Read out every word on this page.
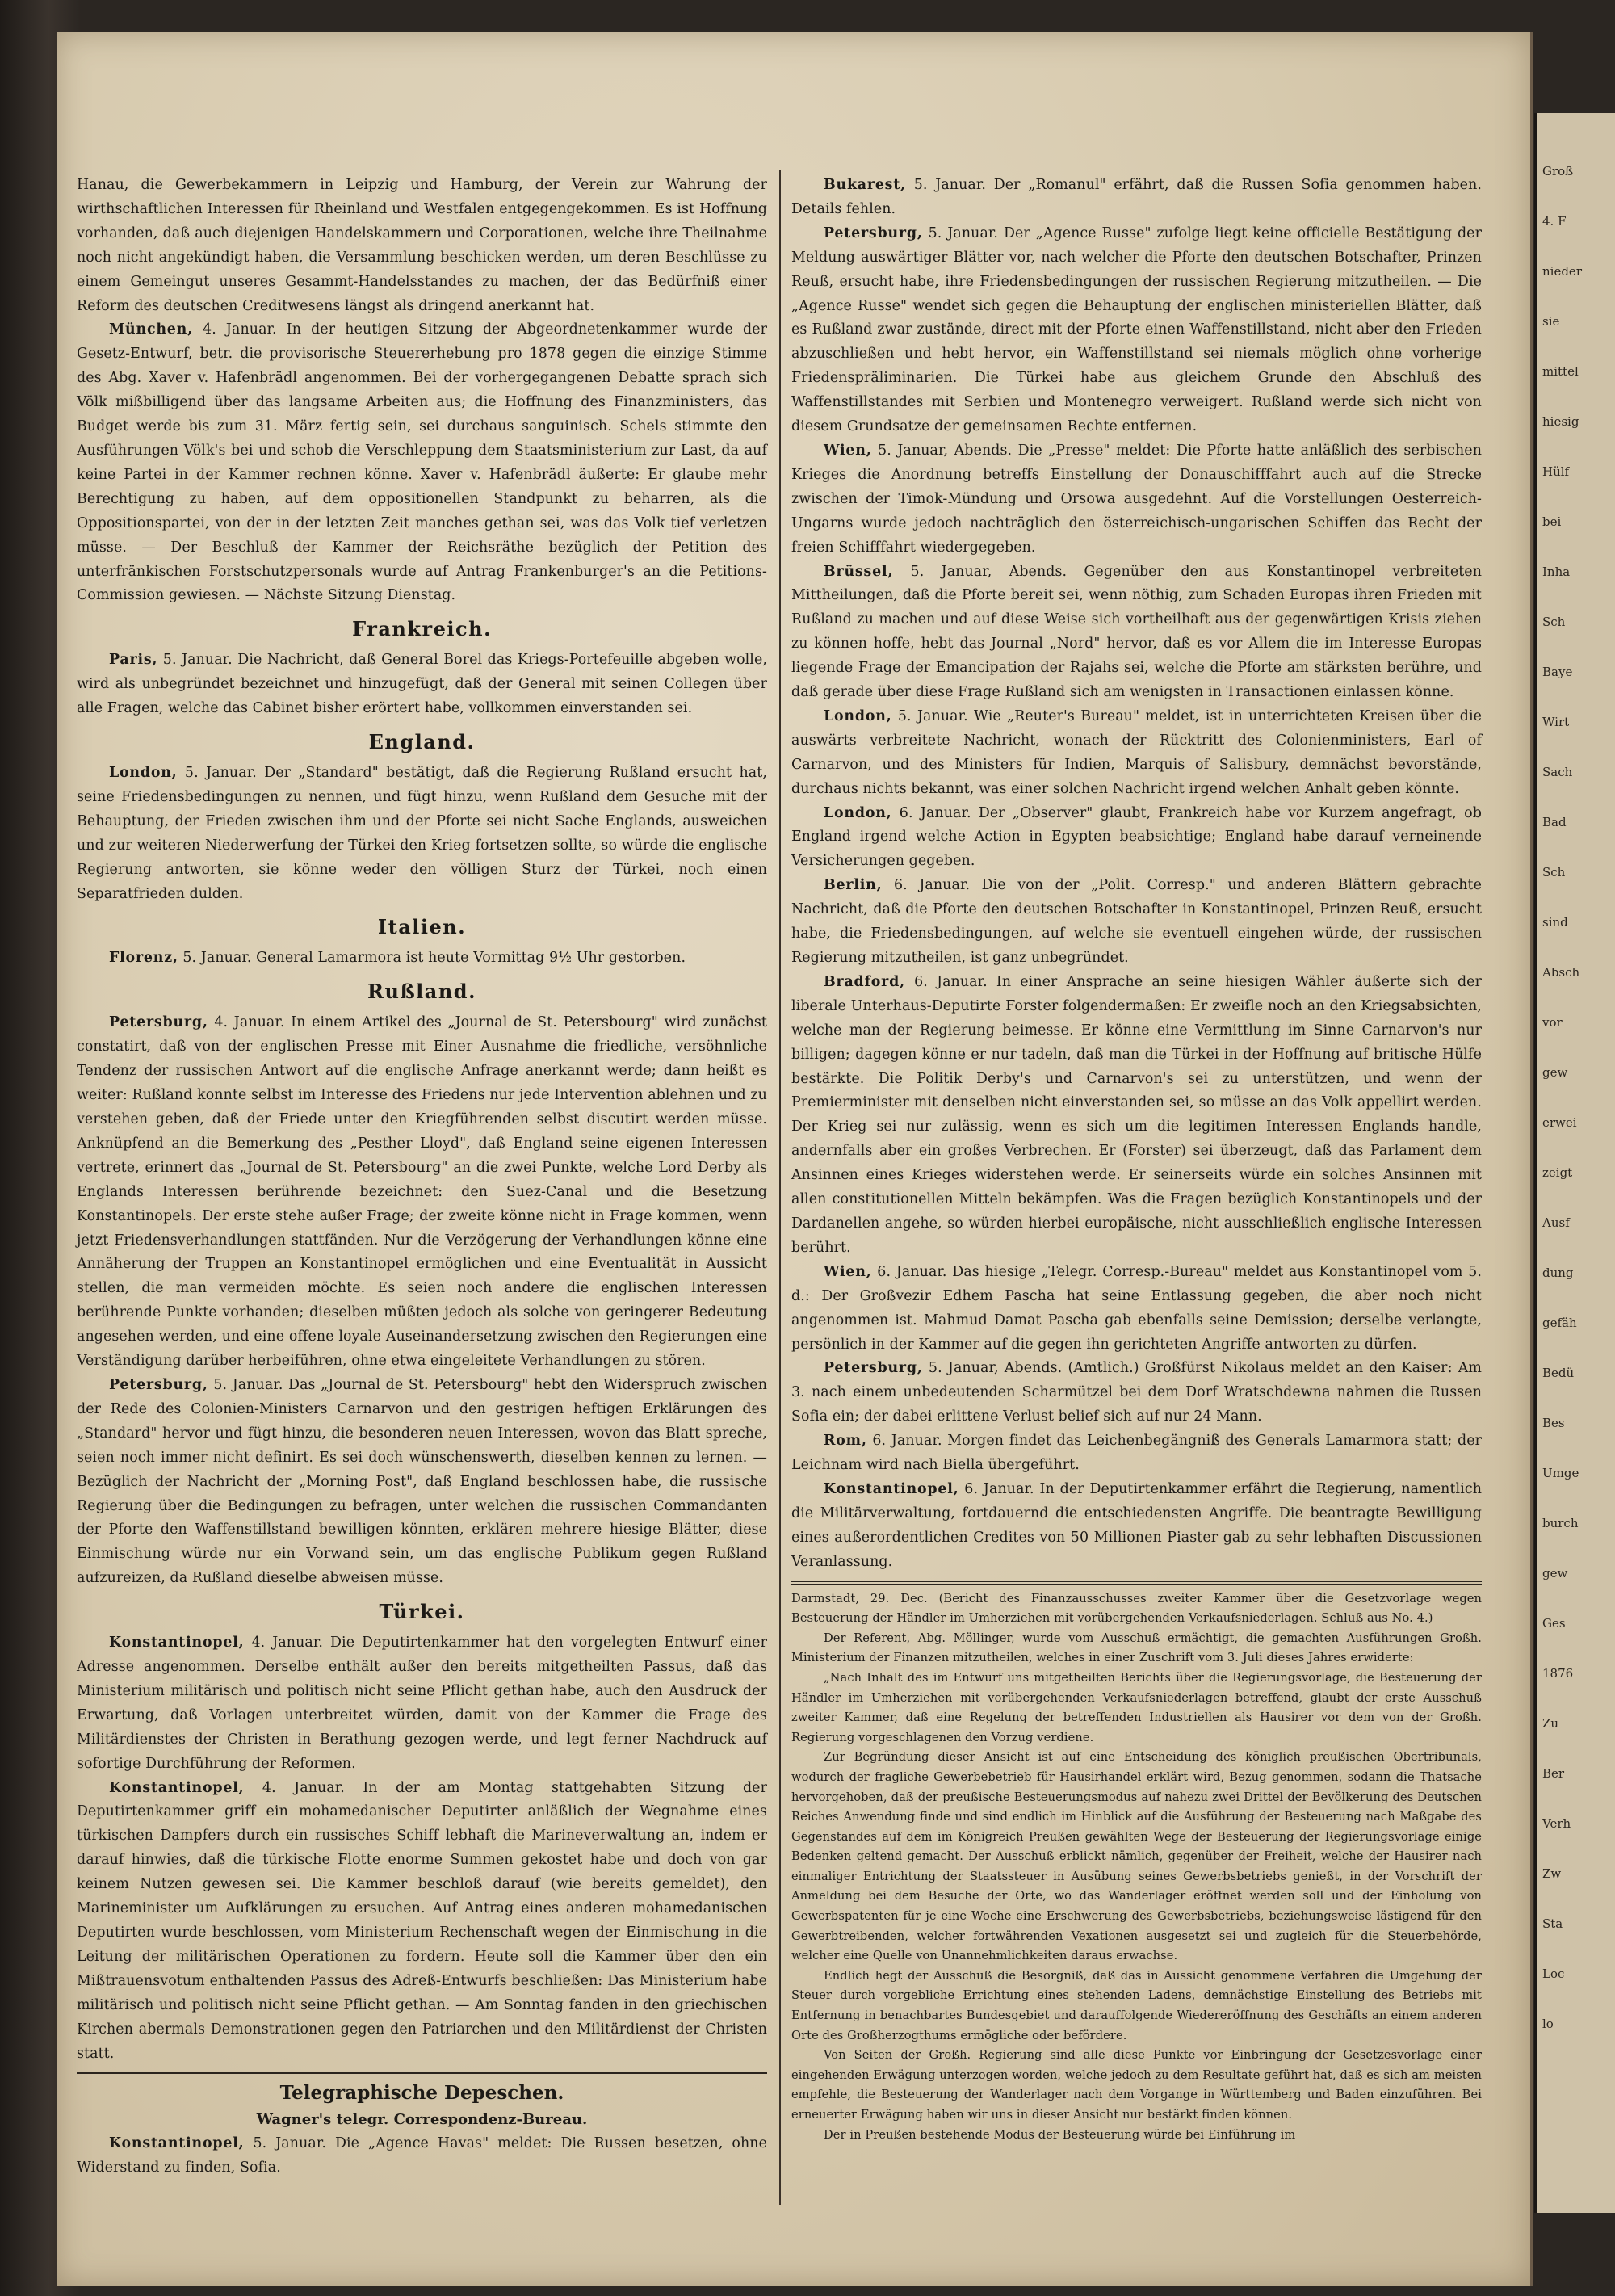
Hanau, die Gewerbekammern in Leipzig und Hamburg, der Verein zur Wahrung der wirthschaftlichen Interessen für Rheinland und Westfalen entgegengekommen. Es ist Hoffnung vorhanden, daß auch diejenigen Handelskammern und Corporationen, welche ihre Theilnahme noch nicht angekündigt haben, die Versammlung beschicken werden, um deren Beschlüsse zu einem Gemeingut unseres Gesammt-Handelsstandes zu machen, der das Bedürfniß einer Reform des deutschen Creditwesens längst als dringend anerkannt hat.

München, 4. Januar. In der heutigen Sitzung der Abgeordnetenkammer wurde der Gesetz-Entwurf, betr. die provisorische Steuererhebung pro 1878 gegen die einzige Stimme des Abg. Xaver v. Hafenbrädl angenommen. Bei der vorhergegangenen Debatte sprach sich Völk mißbilligend über das langsame Arbeiten aus; die Hoffnung des Finanzministers, das Budget werde bis zum 31. März fertig sein, sei durchaus sanguinisch. Schels stimmte den Ausführungen Völk's bei und schob die Verschleppung dem Staatsministerium zur Last, da auf keine Partei in der Kammer rechnen könne. Xaver v. Hafenbrädl äußerte: Er glaube mehr Berechtigung zu haben, auf dem oppositionellen Standpunkt zu beharren, als die Oppositionspartei, von der in der letzten Zeit manches gethan sei, was das Volk tief verletzen müsse. — Der Beschluß der Kammer der Reichsräthe bezüglich der Petition des unterfränkischen Forstschutzpersonals wurde auf Antrag Frankenburger's an die Petitions-Commission gewiesen. — Nächste Sitzung Dienstag.

Frankreich.

Paris, 5. Januar. Die Nachricht, daß General Borel das Kriegs-Portefeuille abgeben wolle, wird als unbegründet bezeichnet und hinzugefügt, daß der General mit seinen Collegen über alle Fragen, welche das Cabinet bisher erörtert habe, vollkommen einverstanden sei.

England.

London, 5. Januar. Der „Standard" bestätigt, daß die Regierung Rußland ersucht hat, seine Friedensbedingungen zu nennen, und fügt hinzu, wenn Rußland dem Gesuche mit der Behauptung, der Frieden zwischen ihm und der Pforte sei nicht Sache Englands, ausweichen und zur weiteren Niederwerfung der Türkei den Krieg fortsetzen sollte, so würde die englische Regierung antworten, sie könne weder den völligen Sturz der Türkei, noch einen Separatfrieden dulden.

Italien.

Florenz, 5. Januar. General Lamarmora ist heute Vormittag 9½ Uhr gestorben.

Rußland.

Petersburg, 4. Januar. In einem Artikel des „Journal de St. Petersbourg" wird zunächst constatirt, daß von der englischen Presse mit Einer Ausnahme die friedliche, versöhnliche Tendenz der russischen Antwort auf die englische Anfrage anerkannt werde; dann heißt es weiter: Rußland konnte selbst im Interesse des Friedens nur jede Intervention ablehnen und zu verstehen geben, daß der Friede unter den Kriegführenden selbst discutirt werden müsse. Anknüpfend an die Bemerkung des „Pesther Lloyd", daß England seine eigenen Interessen vertrete, erinnert das „Journal de St. Petersbourg" an die zwei Punkte, welche Lord Derby als Englands Interessen berührende bezeichnet: den Suez-Canal und die Besetzung Konstantinopels. Der erste stehe außer Frage; der zweite könne nicht in Frage kommen, wenn jetzt Friedensverhandlungen stattfänden. Nur die Verzögerung der Verhandlungen könne eine Annäherung der Truppen an Konstantinopel ermöglichen und eine Eventualität in Aussicht stellen, die man vermeiden möchte. Es seien noch andere die englischen Interessen berührende Punkte vorhanden; dieselben müßten jedoch als solche von geringerer Bedeutung angesehen werden, und eine offene loyale Auseinandersetzung zwischen den Regierungen eine Verständigung darüber herbeiführen, ohne etwa eingeleitete Verhandlungen zu stören.

Petersburg, 5. Januar. Das „Journal de St. Petersbourg" hebt den Widerspruch zwischen der Rede des Colonien-Ministers Carnarvon und den gestrigen heftigen Erklärungen des „Standard" hervor und fügt hinzu, die besonderen neuen Interessen, wovon das Blatt spreche, seien noch immer nicht definirt. Es sei doch wünschenswerth, dieselben kennen zu lernen. — Bezüglich der Nachricht der „Morning Post", daß England beschlossen habe, die russische Regierung über die Bedingungen zu befragen, unter welchen die russischen Commandanten der Pforte den Waffenstillstand bewilligen könnten, erklären mehrere hiesige Blätter, diese Einmischung würde nur ein Vorwand sein, um das englische Publikum gegen Rußland aufzureizen, da Rußland dieselbe abweisen müsse.

Türkei.

Konstantinopel, 4. Januar. Die Deputirtenkammer hat den vorgelegten Entwurf einer Adresse angenommen. Derselbe enthält außer den bereits mitgetheilten Passus, daß das Ministerium militärisch und politisch nicht seine Pflicht gethan habe, auch den Ausdruck der Erwartung, daß Vorlagen unterbreitet würden, damit von der Kammer die Frage des Militärdienstes der Christen in Berathung gezogen werde, und legt ferner Nachdruck auf sofortige Durchführung der Reformen.

Konstantinopel, 4. Januar. In der am Montag stattgehabten Sitzung der Deputirtenkammer griff ein mohamedanischer Deputirter anläßlich der Wegnahme eines türkischen Dampfers durch ein russisches Schiff lebhaft die Marineverwaltung an, indem er darauf hinwies, daß die türkische Flotte enorme Summen gekostet habe und doch von gar keinem Nutzen gewesen sei. Die Kammer beschloß darauf (wie bereits gemeldet), den Marineminister um Aufklärungen zu ersuchen. Auf Antrag eines anderen mohamedanischen Deputirten wurde beschlossen, vom Ministerium Rechenschaft wegen der Einmischung in die Leitung der militärischen Operationen zu fordern. Heute soll die Kammer über den ein Mißtrauensvotum enthaltenden Passus des Adreß-Entwurfs beschließen: Das Ministerium habe militärisch und politisch nicht seine Pflicht gethan. — Am Sonntag fanden in den griechischen Kirchen abermals Demonstrationen gegen den Patriarchen und den Militärdienst der Christen statt.

Telegraphische Depeschen.
Wagner's telegr. Correspondenz-Bureau.

Konstantinopel, 5. Januar. Die „Agence Havas" meldet: Die Russen besetzen, ohne Widerstand zu finden, Sofia.

Bukarest, 5. Januar. Der „Romanul" erfährt, daß die Russen Sofia genommen haben. Details fehlen.

Petersburg, 5. Januar. Der „Agence Russe" zufolge liegt keine officielle Bestätigung der Meldung auswärtiger Blätter vor, nach welcher die Pforte den deutschen Botschafter, Prinzen Reuß, ersucht habe, ihre Friedensbedingungen der russischen Regierung mitzutheilen. — Die „Agence Russe" wendet sich gegen die Behauptung der englischen ministeriellen Blätter, daß es Rußland zwar zustände, direct mit der Pforte einen Waffenstillstand, nicht aber den Frieden abzuschließen und hebt hervor, ein Waffenstillstand sei niemals möglich ohne vorherige Friedenspräliminarien. Die Türkei habe aus gleichem Grunde den Abschluß des Waffenstillstandes mit Serbien und Montenegro verweigert. Rußland werde sich nicht von diesem Grundsatze der gemeinsamen Rechte entfernen.

Wien, 5. Januar, Abends. Die „Presse" meldet: Die Pforte hatte anläßlich des serbischen Krieges die Anordnung betreffs Einstellung der Donauschifffahrt auch auf die Strecke zwischen der Timok-Mündung und Orsowa ausgedehnt. Auf die Vorstellungen Oesterreich-Ungarns wurde jedoch nachträglich den österreichisch-ungarischen Schiffen das Recht der freien Schifffahrt wiedergegeben.

Brüssel, 5. Januar, Abends. Gegenüber den aus Konstantinopel verbreiteten Mittheilungen, daß die Pforte bereit sei, wenn nöthig, zum Schaden Europas ihren Frieden mit Rußland zu machen und auf diese Weise sich vortheilhaft aus der gegenwärtigen Krisis ziehen zu können hoffe, hebt das Journal „Nord" hervor, daß es vor Allem die im Interesse Europas liegende Frage der Emancipation der Rajahs sei, welche die Pforte am stärksten berühre, und daß gerade über diese Frage Rußland sich am wenigsten in Transactionen einlassen könne.

London, 5. Januar. Wie „Reuter's Bureau" meldet, ist in unterrichteten Kreisen über die auswärts verbreitete Nachricht, wonach der Rücktritt des Colonienministers, Earl of Carnarvon, und des Ministers für Indien, Marquis of Salisbury, demnächst bevorstände, durchaus nichts bekannt, was einer solchen Nachricht irgend welchen Anhalt geben könnte.

London, 6. Januar. Der „Observer" glaubt, Frankreich habe vor Kurzem angefragt, ob England irgend welche Action in Egypten beabsichtige; England habe darauf verneinende Versicherungen gegeben.

Berlin, 6. Januar. Die von der „Polit. Corresp." und anderen Blättern gebrachte Nachricht, daß die Pforte den deutschen Botschafter in Konstantinopel, Prinzen Reuß, ersucht habe, die Friedensbedingungen, auf welche sie eventuell eingehen würde, der russischen Regierung mitzutheilen, ist ganz unbegründet.

Bradford, 6. Januar. In einer Ansprache an seine hiesigen Wähler äußerte sich der liberale Unterhaus-Deputirte Forster folgendermaßen: Er zweifle noch an den Kriegsabsichten, welche man der Regierung beimesse. Er könne eine Vermittlung im Sinne Carnarvon's nur billigen; dagegen könne er nur tadeln, daß man die Türkei in der Hoffnung auf britische Hülfe bestärkte. Die Politik Derby's und Carnarvon's sei zu unterstützen, und wenn der Premierminister mit denselben nicht einverstanden sei, so müsse an das Volk appellirt werden. Der Krieg sei nur zulässig, wenn es sich um die legitimen Interessen Englands handle, andernfalls aber ein großes Verbrechen. Er (Forster) sei überzeugt, daß das Parlament dem Ansinnen eines Krieges widerstehen werde. Er seinerseits würde ein solches Ansinnen mit allen constitutionellen Mitteln bekämpfen. Was die Fragen bezüglich Konstantinopels und der Dardanellen angehe, so würden hierbei europäische, nicht ausschließlich englische Interessen berührt.

Wien, 6. Januar. Das hiesige „Telegr. Corresp.-Bureau" meldet aus Konstantinopel vom 5. d.: Der Großvezir Edhem Pascha hat seine Entlassung gegeben, die aber noch nicht angenommen ist. Mahmud Damat Pascha gab ebenfalls seine Demission; derselbe verlangte, persönlich in der Kammer auf die gegen ihn gerichteten Angriffe antworten zu dürfen.

Petersburg, 5. Januar, Abends. (Amtlich.) Großfürst Nikolaus meldet an den Kaiser: Am 3. nach einem unbedeutenden Scharmützel bei dem Dorf Wratschdewna nahmen die Russen Sofia ein; der dabei erlittene Verlust belief sich auf nur 24 Mann.

Rom, 6. Januar. Morgen findet das Leichenbegängniß des Generals Lamarmora statt; der Leichnam wird nach Biella übergeführt.

Konstantinopel, 6. Januar. In der Deputirtenkammer erfährt die Regierung, namentlich die Militärverwaltung, fortdauernd die entschiedensten Angriffe. Die beantragte Bewilligung eines außerordentlichen Credites von 50 Millionen Piaster gab zu sehr lebhaften Discussionen Veranlassung.

Darmstadt, 29. Dec. (Bericht des Finanzausschusses zweiter Kammer über die Gesetzvorlage wegen Besteuerung der Händler im Umherziehen mit vorübergehenden Verkaufsniederlagen. Schluß aus No. 4.)

Der Referent, Abg. Möllinger, wurde vom Ausschuß ermächtigt, die gemachten Ausführungen Großh. Ministerium der Finanzen mitzutheilen, welches in einer Zuschrift vom 3. Juli dieses Jahres erwiderte:

„Nach Inhalt des im Entwurf uns mitgetheilten Berichts über die Regierungsvorlage, die Besteuerung der Händler im Umherziehen mit vorübergehenden Verkaufsniederlagen betreffend, glaubt der erste Ausschuß zweiter Kammer, daß eine Regelung der betreffenden Industriellen als Hausirer vor dem von der Großh. Regierung vorgeschlagenen den Vorzug verdiene.

Zur Begründung dieser Ansicht ist auf eine Entscheidung des königlich preußischen Obertribunals, wodurch der fragliche Gewerbebetrieb für Hausirhandel erklärt wird, Bezug genommen, sodann die Thatsache hervorgehoben, daß der preußische Besteuerungsmodus auf nahezu zwei Drittel der Bevölkerung des Deutschen Reiches Anwendung finde und sind endlich im Hinblick auf die Ausführung der Besteuerung nach Maßgabe des Gegenstandes auf dem im Königreich Preußen gewählten Wege der Besteuerung der Regierungsvorlage einige Bedenken geltend gemacht. Der Ausschuß erblickt nämlich, gegenüber der Freiheit, welche der Hausirer nach einmaliger Entrichtung der Staatssteuer in Ausübung seines Gewerbsbetriebs genießt, in der Vorschrift der Anmeldung bei dem Besuche der Orte, wo das Wanderlager eröffnet werden soll und der Einholung von Gewerbspatenten für je eine Woche eine Erschwerung des Gewerbsbetriebs, beziehungsweise lästigend für den Gewerbtreibenden, welcher fortwährenden Vexationen ausgesetzt sei und zugleich für die Steuerbehörde, welcher eine Quelle von Unannehmlichkeiten daraus erwachse.

Endlich hegt der Ausschuß die Besorgniß, daß das in Aussicht genommene Verfahren die Umgehung der Steuer durch vorgebliche Errichtung eines stehenden Ladens, demnächstige Einstellung des Betriebs mit Entfernung in benachbartes Bundesgebiet und darauffolgende Wiedereröffnung des Geschäfts an einem anderen Orte des Großherzogthums ermögliche oder befördere.

Von Seiten der Großh. Regierung sind alle diese Punkte vor Einbringung der Gesetzesvorlage einer eingehenden Erwägung unterzogen worden, welche jedoch zu dem Resultate geführt hat, daß es sich am meisten empfehle, die Besteuerung der Wanderlager nach dem Vorgange in Württemberg und Baden einzuführen. Bei erneuerter Erwägung haben wir uns in dieser Ansicht nur bestärkt finden können.

Der in Preußen bestehende Modus der Besteuerung würde bei Einführung im

Groß
4. F
nieder
sie
mittel
hiesig
Hülf
bei
Inha
Sch
Baye
Wirt
Sach
Bad
Sch
sind
Absch
vor
gew
erwei
zeigt
Ausf
dung
gefäh
Bedü
Bes
Umge
burch
gew
Ges
1876
Zu
Ber
Verh
Zw
Sta
Loc
lo
